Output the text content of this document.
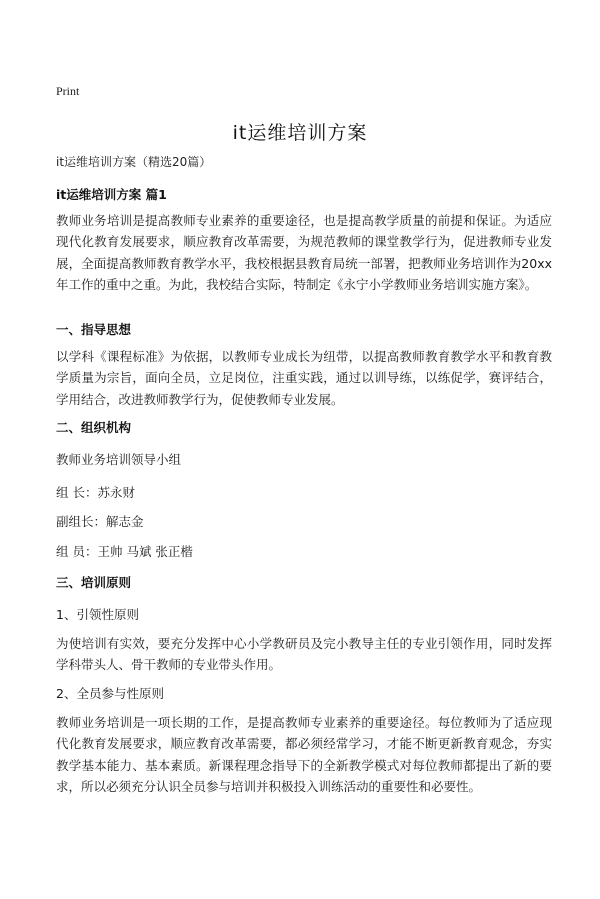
Print
it运维培训方案
it运维培训方案（精选20篇）
it运维培训方案 篇1
教师业务培训是提高教师专业素养的重要途径，也是提高教学质量的前提和保证。为适应现代化教育发展要求，顺应教育改革需要，为规范教师的课堂教学行为，促进教师专业发展，全面提高教师教育教学水平，我校根据县教育局统一部署，把教师业务培训作为20xx年工作的重中之重。为此，我校结合实际，特制定《永宁小学教师业务培训实施方案》。
一、指导思想
以学科《课程标准》为依据，以教师专业成长为纽带，以提高教师教育教学水平和教育教学质量为宗旨，面向全员，立足岗位，注重实践，通过以训导练，以练促学，赛评结合，学用结合，改进教师教学行为，促使教师专业发展。
二、组织机构
教师业务培训领导小组
组 长：苏永财
副组长：解志金
组 员：王帅 马斌 张正楷
三、培训原则
1、引领性原则
为使培训有实效，要充分发挥中心小学教研员及完小教导主任的专业引领作用，同时发挥学科带头人、骨干教师的专业带头作用。
2、全员参与性原则
教师业务培训是一项长期的工作，是提高教师专业素养的重要途径。每位教师为了适应现代化教育发展要求，顺应教育改革需要，都必须经常学习，才能不断更新教育观念，夯实教学基本能力、基本素质。新课程理念指导下的全新教学模式对每位教师都提出了新的要求，所以必须充分认识全员参与培训并积极投入训练活动的重要性和必要性。
